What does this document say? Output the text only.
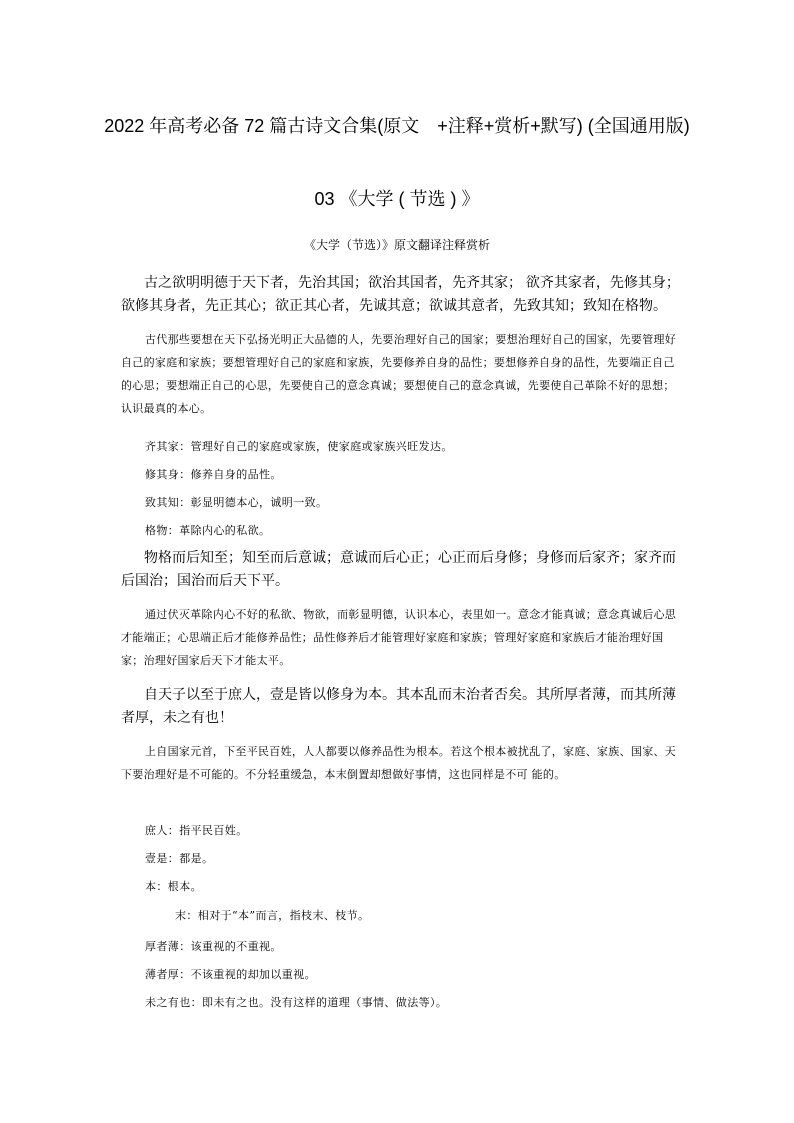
2022 年高考必备 72 篇古诗文合集(原文　+注释+赏析+默写) (全国通用版)
03 《大学 ( 节选 ) 》
《大学（节选）》原文翻译注释赏析
古之欲明明德于天下者，先治其国；欲治其国者，先齐其家； 欲齐其家者，先修其身；欲修其身者，先正其心；欲正其心者，先诚其意；欲诚其意者，先致其知；致知在格物。
古代那些要想在天下弘扬光明正大品德的人，先要治理好自己的国家；要想治理好自己的国家，先要管理好自己的家庭和家族；要想管理好自己的家庭和家族，先要修养自身的品性；要想修养自身的品性，先要端正自己的心思；要想端正自己的心思，先要使自己的意念真诚；要想使自己的意念真诚，先要使自己革除不好的思想；认识最真的本心。
齐其家：管理好自己的家庭或家族，使家庭或家族兴旺发达。
修其身：修养自身的品性。
致其知：彰显明德本心，诚明一致。
格物：革除内心的私欲。
物格而后知至；知至而后意诚；意诚而后心正；心正而后身修；身修而后家齐；家齐而后国治；国治而后天下平。
通过伏灭革除内心不好的私欲、物欲，而彰显明德，认识本心，表里如一。意念才能真诚；意念真诚后心思才能端正；心思端正后才能修养品性；品性修养后才能管理好家庭和家族；管理好家庭和家族后才能治理好国家；治理好国家后天下才能太平。
自天子以至于庶人，壹是皆以修身为本。其本乱而末治者否矣。其所厚者薄，而其所薄者厚，未之有也！
上自国家元首，下至平民百姓，人人都要以修养品性为根本。若这个根本被扰乱了，家庭、家族、国家、天下要治理好是不可能的。不分轻重缓急，本末倒置却想做好事情，这也同样是不可 能的。
庶人：指平民百姓。
壹是：都是。
本：根本。
末：相对于“本”而言，指枝末、枝节。
厚者薄：该重视的不重视。
薄者厚：不该重视的却加以重视。
未之有也：即未有之也。没有这样的道理（事情、做法等）。
